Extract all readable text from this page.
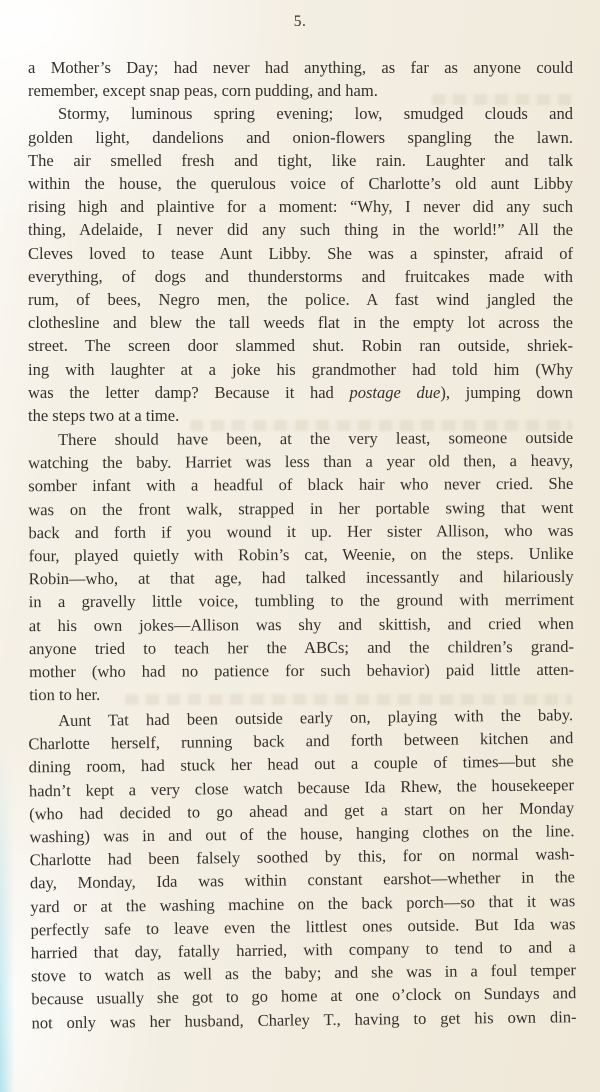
5.
a Mother’s Day; had never had anything, as far as anyone could
remember, except snap peas, corn pudding, and ham.
Stormy, luminous spring evening; low, smudged clouds and
golden light, dandelions and onion-flowers spangling the lawn.
The air smelled fresh and tight, like rain. Laughter and talk
within the house, the querulous voice of Charlotte’s old aunt Libby
rising high and plaintive for a moment: “Why, I never did any such
thing, Adelaide, I never did any such thing in the world!” All the
Cleves loved to tease Aunt Libby. She was a spinster, afraid of
everything, of dogs and thunderstorms and fruitcakes made with
rum, of bees, Negro men, the police. A fast wind jangled the
clothesline and blew the tall weeds flat in the empty lot across the
street. The screen door slammed shut. Robin ran outside, shriek-
ing with laughter at a joke his grandmother had told him (Why
was the letter damp? Because it had postage due), jumping down
the steps two at a time.
There should have been, at the very least, someone outside
watching the baby. Harriet was less than a year old then, a heavy,
somber infant with a headful of black hair who never cried. She
was on the front walk, strapped in her portable swing that went
back and forth if you wound it up. Her sister Allison, who was
four, played quietly with Robin’s cat, Weenie, on the steps. Unlike
Robin—who, at that age, had talked incessantly and hilariously
in a gravelly little voice, tumbling to the ground with merriment
at his own jokes—Allison was shy and skittish, and cried when
anyone tried to teach her the ABCs; and the children’s grand-
mother (who had no patience for such behavior) paid little atten-
tion to her.
Aunt Tat had been outside early on, playing with the baby.
Charlotte herself, running back and forth between kitchen and
dining room, had stuck her head out a couple of times—but she
hadn’t kept a very close watch because Ida Rhew, the housekeeper
(who had decided to go ahead and get a start on her Monday
washing) was in and out of the house, hanging clothes on the line.
Charlotte had been falsely soothed by this, for on normal wash-
day, Monday, Ida was within constant earshot—whether in the
yard or at the washing machine on the back porch—so that it was
perfectly safe to leave even the littlest ones outside. But Ida was
harried that day, fatally harried, with company to tend to and a
stove to watch as well as the baby; and she was in a foul temper
because usually she got to go home at one o’clock on Sundays and
not only was her husband, Charley T., having to get his own din-
